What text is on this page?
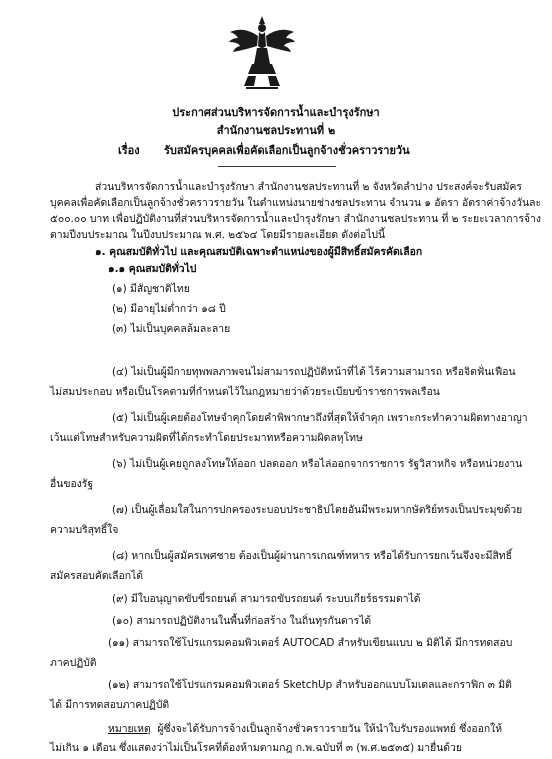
ประกาศส่วนบริหารจัดการน้ำและบำรุงรักษา
สำนักงานชลประทานที่ ๒
เรื่อง รับสมัครบุคคลเพื่อคัดเลือกเป็นลูกจ้างชั่วคราวรายวัน
ส่วนบริหารจัดการน้ำและบำรุงรักษา สำนักงานชลประทานที่ ๒ จังหวัดลำปาง ประสงค์จะรับสมัคร
บุคคลเพื่อคัดเลือกเป็นลูกจ้างชั่วคราวรายวัน ในตำแหน่งนายช่างชลประทาน จำนวน ๑ อัตรา อัตราค่าจ้างวันละ
๕๐๐.๐๐ บาท เพื่อปฏิบัติงานที่ส่วนบริหารจัดการน้ำและบำรุงรักษา สำนักงานชลประทาน ที่ ๒ ระยะเวลาการจ้าง
ตามปีงบประมาณ ในปีงบประมาณ พ.ศ. ๒๕๖๔ โดยมีรายละเอียด ดังต่อไปนี้
๑. คุณสมบัติทั่วไป และคุณสมบัติเฉพาะตำแหน่งของผู้มีสิทธิ์สมัครคัดเลือก
๑.๑ คุณสมบัติทั่วไป
(๑) มีสัญชาติไทย
(๒) มีอายุไม่ต่ำกว่า ๑๘ ปี
(๓) ไม่เป็นบุคคลล้มละลาย
(๔) ไม่เป็นผู้มีกายทุพพลภาพจนไม่สามารถปฏิบัติหน้าที่ได้ ไร้ความสามารถ หรือจิตฟั่นเฟือน
ไม่สมประกอบ หรือเป็นโรคตามที่กำหนดไว้ในกฎหมายว่าด้วยระเบียบข้าราชการพลเรือน
(๕) ไม่เป็นผู้เคยต้องโทษจำคุกโดยคำพิพากษาถึงที่สุดให้จำคุก เพราะกระทำความผิดทางอาญา
เว้นแต่โทษสำหรับความผิดที่ได้กระทำโดยประมาทหรือความผิดลหุโทษ
(๖) ไม่เป็นผู้เคยถูกลงโทษให้ออก ปลดออก หรือไล่ออกจากราชการ รัฐวิสาหกิจ หรือหน่วยงาน
อื่นของรัฐ
(๗) เป็นผู้เลื่อมใสในการปกครองระบอบประชาธิปไตยอันมีพระมหากษัตริย์ทรงเป็นประมุขด้วย
ความบริสุทธิ์ใจ
(๘) หากเป็นผู้สมัครเพศชาย ต้องเป็นผู้ผ่านการเกณฑ์ทหาร หรือได้รับการยกเว้นจึงจะมีสิทธิ์
สมัครสอบคัดเลือกได้
(๙) มีใบอนุญาตขับขี่รถยนต์ สามารถขับรถยนต์ ระบบเกียร์ธรรมดาได้
(๑๐) สามารถปฏิบัติงานในพื้นที่ก่อสร้าง ในถิ่นทุรกันดารได้
(๑๑) สามารถใช้โปรแกรมคอมพิวเตอร์ AUTOCAD สำหรับเขียนแบบ ๒ มิติได้ มีการทดสอบ
ภาคปฏิบัติ
(๑๒) สามารถใช้โปรแกรมคอมพิวเตอร์ SketchUp สำหรับออกแบบโมเดลและกราฟิก ๓ มิติ
ได้ มีการทดสอบภาคปฏิบัติ
หมายเหตุ ผู้ซึ่งจะได้รับการจ้างเป็นลูกจ้างชั่วคราวรายวัน ให้นำใบรับรองแพทย์ ซึ่งออกให้
ไม่เกิน ๑ เดือน ซึ่งแสดงว่าไม่เป็นโรคที่ต้องห้ามตามกฎ ก.พ.ฉบับที่ ๓ (พ.ศ.๒๕๓๕) มายื่นด้วย
